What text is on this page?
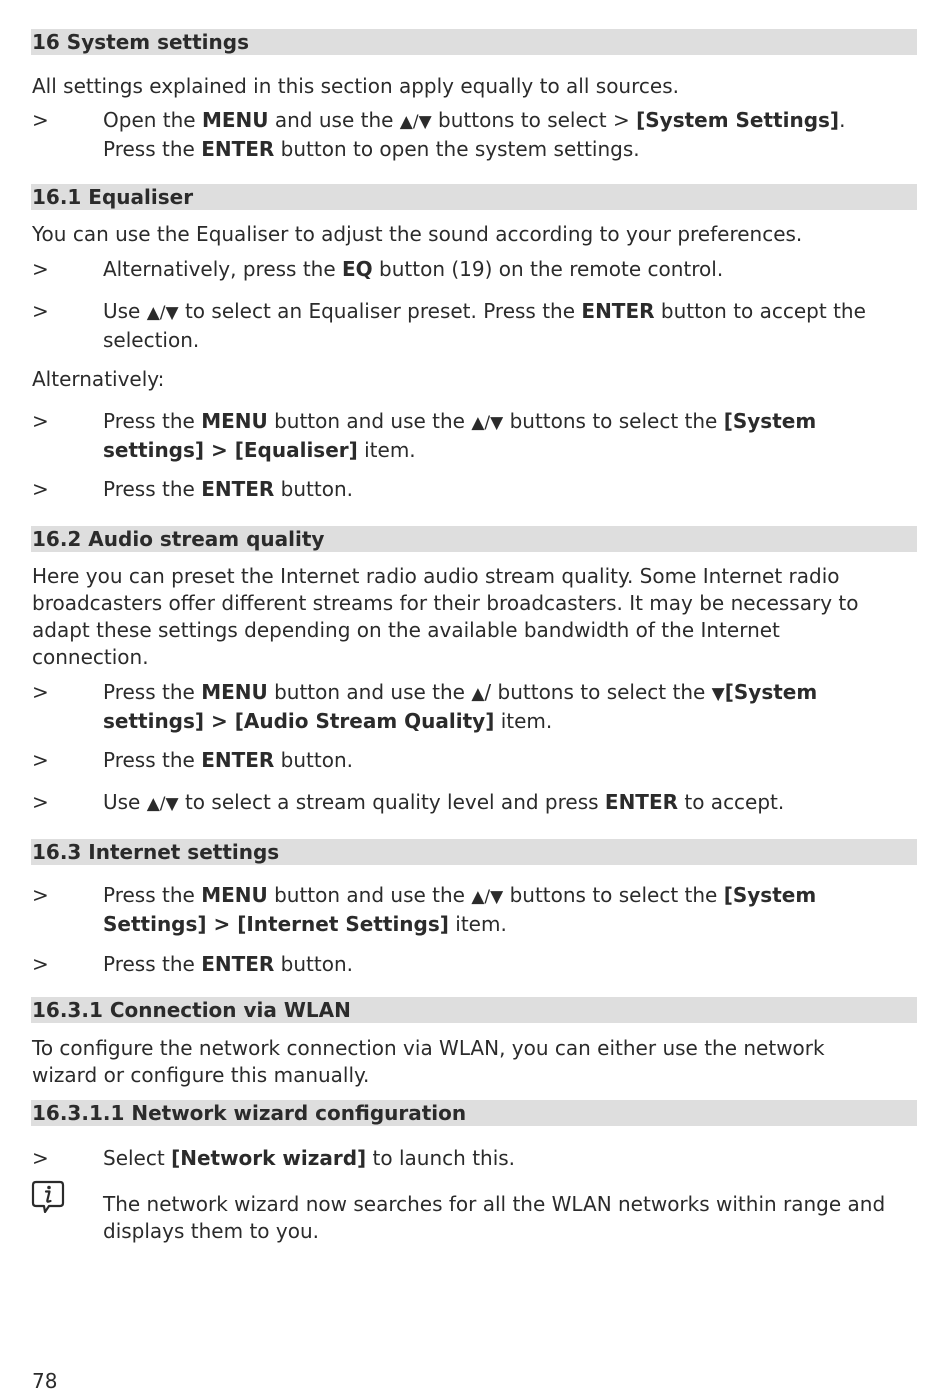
16 System settings
All settings explained in this section apply equally to all sources.
>	Open the MENU and use the ▲/▼ buttons to select > [System Settings].
Press the ENTER button to open the system settings.
16.1 Equaliser
You can use the Equaliser to adjust the sound according to your preferences.
>	Alternatively, press the EQ button (19) on the remote control.
>	Use ▲/▼ to select an Equaliser preset. Press the ENTER button to accept the selection.
Alternatively:
>	Press the MENU button and use the ▲/▼ buttons to select the [System settings] > [Equaliser] item.
>	Press the ENTER button.
16.2 Audio stream quality
Here you can preset the Internet radio audio stream quality. Some Internet radio broadcasters offer different streams for their broadcasters. It may be necessary to adapt these settings depending on the available bandwidth of the Internet connection.
>	Press the MENU button and use the ▲/ buttons to select the ▼[System settings] > [Audio Stream Quality] item.
>	Press the ENTER button.
>	Use ▲/▼ to select a stream quality level and press ENTER to accept.
16.3 Internet settings
>	Press the MENU button and use the ▲/▼ buttons to select the [System Settings] > [Internet Settings] item.
>	Press the ENTER button.
16.3.1 Connection via WLAN
To configure the network connection via WLAN, you can either use the network wizard or configure this manually.
16.3.1.1 Network wizard configuration
>	Select [Network wizard] to launch this.
The network wizard now searches for all the WLAN networks within range and displays them to you.
78
